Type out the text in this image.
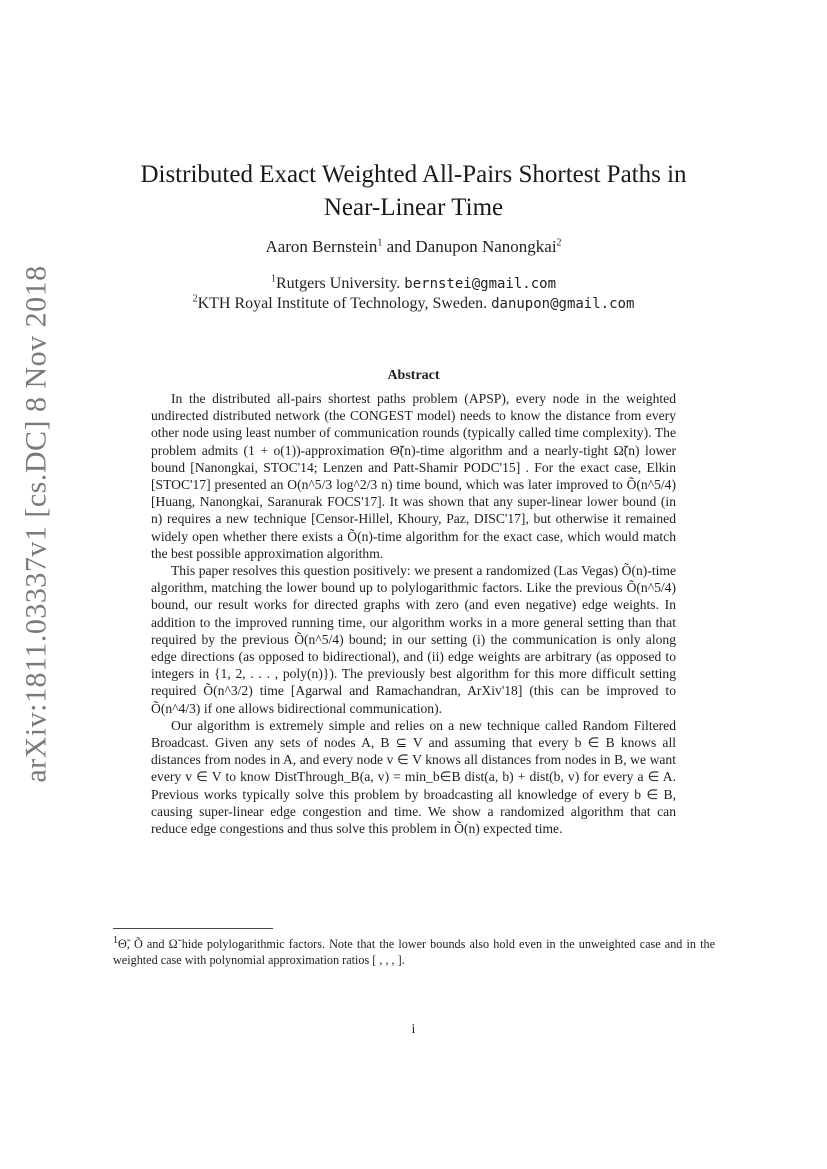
arXiv:1811.03337v1 [cs.DC] 8 Nov 2018
Distributed Exact Weighted All-Pairs Shortest Paths in
Near-Linear Time
Aaron Bernstein$^1$ and Danupon Nanongkai$^2$
$^1$Rutgers University. bernstei@gmail.com
$^2$KTH Royal Institute of Technology, Sweden. danupon@gmail.com
Abstract

In the distributed all-pairs shortest paths problem (APSP), every node in the weighted undirected distributed network (the CONGEST model) needs to know the distance from every other node using least number of communication rounds (typically called time complexity). The problem admits (1 + o(1))-approximation Θ̃(n)-time algorithm and a nearly-tight Ω̃(n) lower bound [Nanongkai, STOC'14; Lenzen and Patt-Shamir PODC'15] . For the exact case, Elkin [STOC'17] presented an O(n^5/3 log^2/3 n) time bound, which was later improved to Õ(n^5/4) [Huang, Nanongkai, Saranurak FOCS'17]. It was shown that any super-linear lower bound (in n) requires a new technique [Censor-Hillel, Khoury, Paz, DISC'17], but otherwise it remained widely open whether there exists a Õ(n)-time algorithm for the exact case, which would match the best possible approximation algorithm.

This paper resolves this question positively: we present a randomized (Las Vegas) Õ(n)-time algorithm, matching the lower bound up to polylogarithmic factors. Like the previous Õ(n^5/4) bound, our result works for directed graphs with zero (and even negative) edge weights. In addition to the improved running time, our algorithm works in a more general setting than that required by the previous Õ(n^5/4) bound; in our setting (i) the communication is only along edge directions (as opposed to bidirectional), and (ii) edge weights are arbitrary (as opposed to integers in {1, 2, . . . , poly(n)}). The previously best algorithm for this more difficult setting required Õ(n^3/2) time [Agarwal and Ramachandran, ArXiv'18] (this can be improved to Õ(n^4/3) if one allows bidirectional communication).

Our algorithm is extremely simple and relies on a new technique called Random Filtered Broadcast. Given any sets of nodes A, B ⊆ V and assuming that every b ∈ B knows all distances from nodes in A, and every node v ∈ V knows all distances from nodes in B, we want every v ∈ V to know DistThrough_B(a, v) = min_b∈B dist(a, b) + dist(b, v) for every a ∈ A. Previous works typically solve this problem by broadcasting all knowledge of every b ∈ B, causing super-linear edge congestion and time. We show a randomized algorithm that can reduce edge congestions and thus solve this problem in Õ(n) expected time.

$^1$Θ̃, Õ and Ω̃ hide polylogarithmic factors. Note that the lower bounds also hold even in the unweighted case and in the weighted case with polynomial approximation ratios [ , , , ].
i
